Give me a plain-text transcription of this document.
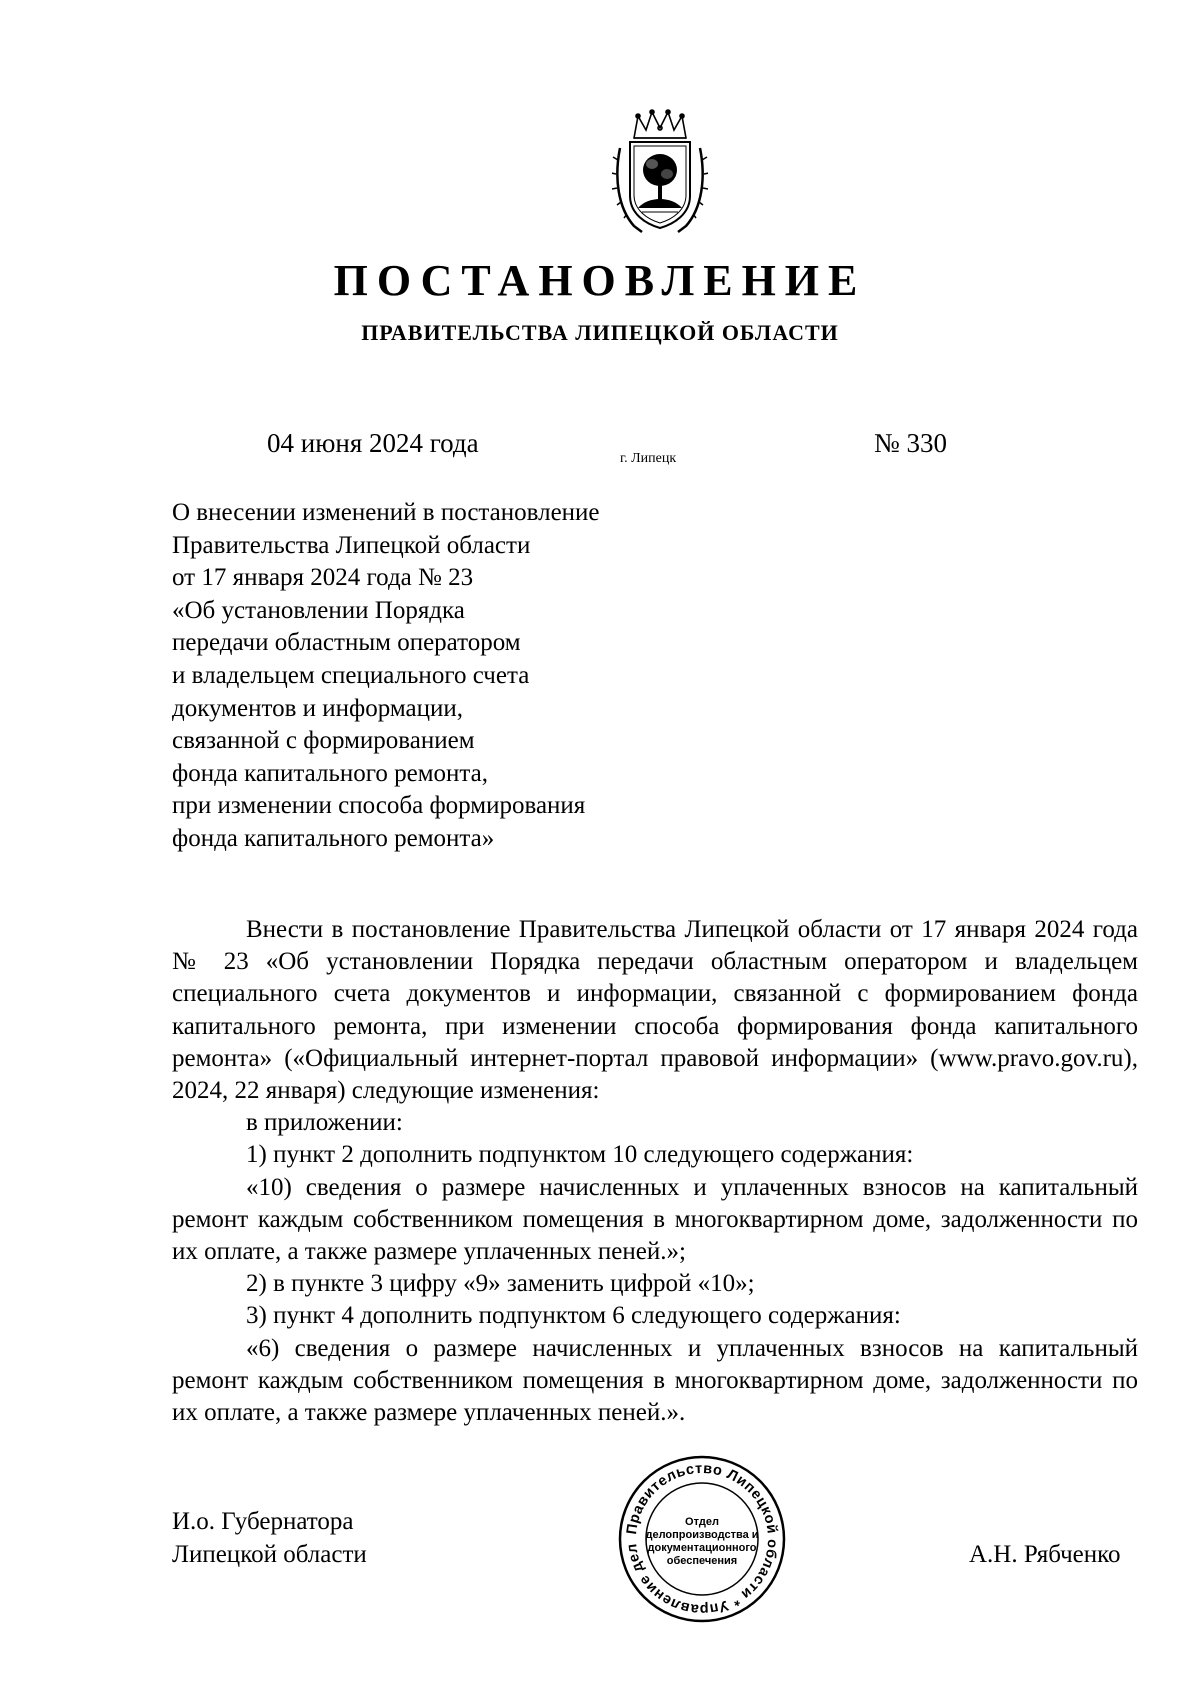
ПОСТАНОВЛЕНИЕ
ПРАВИТЕЛЬСТВА ЛИПЕЦКОЙ ОБЛАСТИ
04 июня 2024 года
г. Липецк
№ 330
О внесении изменений в постановление
Правительства Липецкой области
от 17 января 2024 года № 23
«Об установлении Порядка
передачи областным оператором
и владельцем специального счета
документов и информации,
связанной с формированием
фонда капитального ремонта,
при изменении способа формирования
фонда капитального ремонта»

Внести в постановление Правительства Липецкой области от 17 января 2024 года № 23 «Об установлении Порядка передачи областным оператором и владельцем специального счета документов и информации, связанной с формированием фонда капитального ремонта, при изменении способа формирования фонда капитального ремонта» («Официальный интернет-портал правовой информации» (www.pravo.gov.ru), 2024, 22 января) следующие изменения:

в приложении:

1) пункт 2 дополнить подпунктом 10 следующего содержания:

«10) сведения о размере начисленных и уплаченных взносов на капитальный ремонт каждым собственником помещения в многоквартирном доме, задолженности по их оплате, а также размере уплаченных пеней.»;

2) в пункте 3 цифру «9» заменить цифрой «10»;

3) пункт 4 дополнить подпунктом 6 следующего содержания:

«6) сведения о размере начисленных и уплаченных взносов на капитальный ремонт каждым собственником помещения в многоквартирном доме, задолженности по их оплате, а также размере уплаченных пеней.».

И.о. Губернатора
Липецкой области	А.Н. Рябченко
Правительство Липецкой области * Управление дел
Отдел
делопроизводства и
документационного
обеспечения
